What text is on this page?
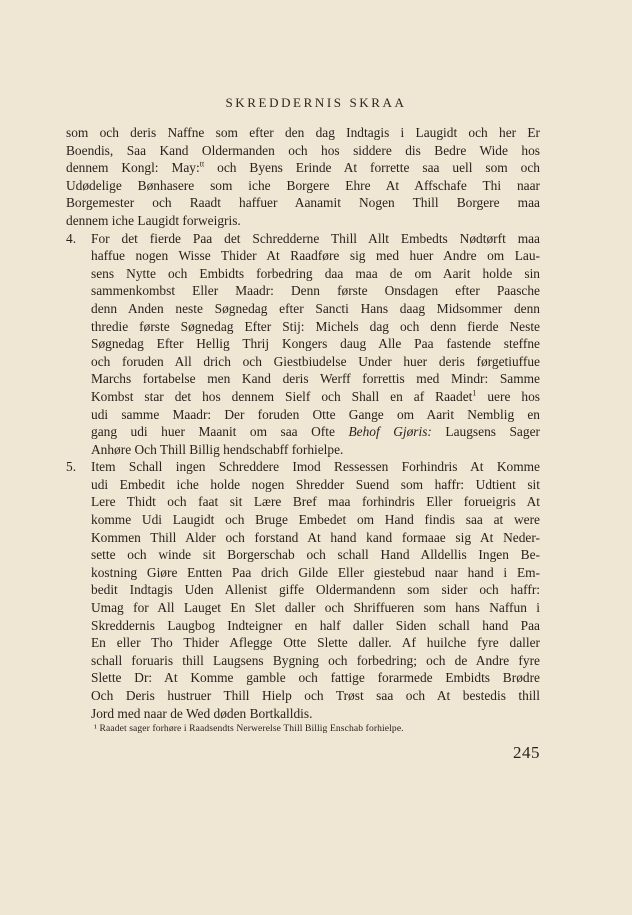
SKREDDERNIS SKRAA
som och deris Naffne som efter den dag Indtagis i Laugidt och her Er
Boendis, Saa Kand Oldermanden och hos siddere dis Bedre Wide hos
dennem Kongl: May:$^{tt}$ och Byens Erinde At forrette saa uell som och
Udødelige Bønhasere som iche Borgere Ehre At Affschafe Thi naar
Borgemester och Raadt haffuer Aanamit Nogen Thill Borgere maa
dennem iche Laugidt forweigris.
4. For det fierde Paa det Schredderne Thill Allt Embedts Nødtørft maa
haffue nogen Wisse Thider At Raadføre sig med huer Andre om Lau-
sens Nytte och Embidts forbedring daa maa de om Aarit holde sin
sammenkombst Eller Maadr: Denn første Onsdagen efter Paasche
denn Anden neste Søgnedag efter Sancti Hans daag Midsommer denn
thredie første Søgnedag Efter Stij: Michels dag och denn fierde Neste
Søgnedag Efter Hellig Thrij Kongers daug Alle Paa fastende steffne
och foruden All drich och Giestbiudelse Under huer deris førgetiuffue
Marchs fortabelse men Kand deris Werff forrettis med Mindr: Samme
Kombst star det hos dennem Sielf och Shall en af Raadet$^1$ uere hos
udi samme Maadr: Der foruden Otte Gange om Aarit Nemblig en
gang udi huer Maanit om saa Ofte Behof Gjøris: Laugsens Sager
Anhøre Och Thill Billig hendschabff forhielpe.
5. Item Schall ingen Schreddere Imod Ressessen Forhindris At Komme
udi Embedit iche holde nogen Shredder Suend som haffr: Udtient sit
Lere Thidt och faat sit Lære Bref maa forhindris Eller foruеigris At
komme Udi Laugidt och Bruge Embedet om Hand findis saa at were
Kommen Thill Alder och forstand At hand kand formaae sig At Neder-
sette och winde sit Borgerschab och schall Hand Alldellis Ingen Be-
kostning Giøre Entten Paa drich Gilde Eller giestebud naar hand i Em-
bedit Indtagis Uden Allenist giffe Oldermandenn som sider och haffr:
Umag for All Lauget En Slet daller och Shriffueren som hans Naffun i
Skreddernis Laugbog Indteigner en half daller Siden schall hand Paa
En eller Tho Thider Aflegge Otte Slette daller. Af huilche fyre daller
schall foruaris thill Laugsens Bygning och forbedring; och de Andre fyre
Slette Dr: At Komme gamble och fattige forarmede Embidts Brødre
Och Deris hustruer Thill Hielp och Trøst saa och At bestedis thill
Jord med naar de Wed døden Bortkalldis.
¹ Raadet sager forhøre i Raadsendts Nerwerelse Thill Billig Enschab forhielpe.
245
